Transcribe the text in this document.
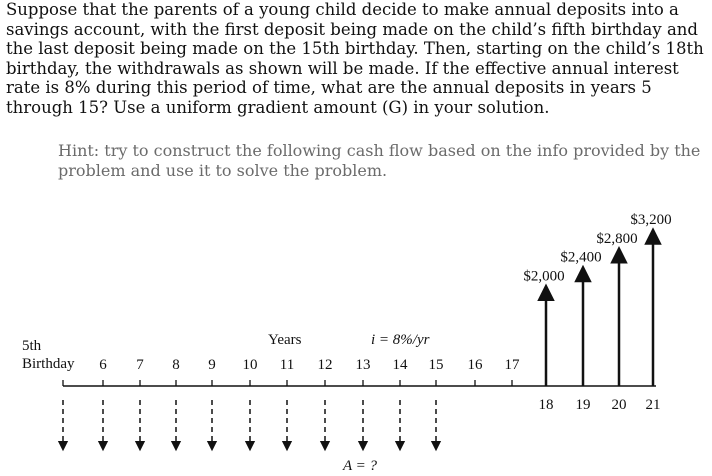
Suppose that the parents of a young child decide to make annual deposits into a savings account, with the first deposit being made on the child’s fifth birthday and the last deposit being made on the 15th birthday. Then, starting on the child’s 18th birthday, the withdrawals as shown will be made. If the effective annual interest rate is 8% during this period of time, what are the annual deposits in years 5 through 15? Use a uniform gradient amount (G) in your solution.
Hint: try to construct the following cash flow based on the info provided by the problem and use it to solve the problem.
5th
Birthday
Years	i = 8%/yr
A = ?
6 7 8 9 10 11 12 13 14 15 16 17
18 19 20 21
$2,000
$2,400
$2,800
$3,200
